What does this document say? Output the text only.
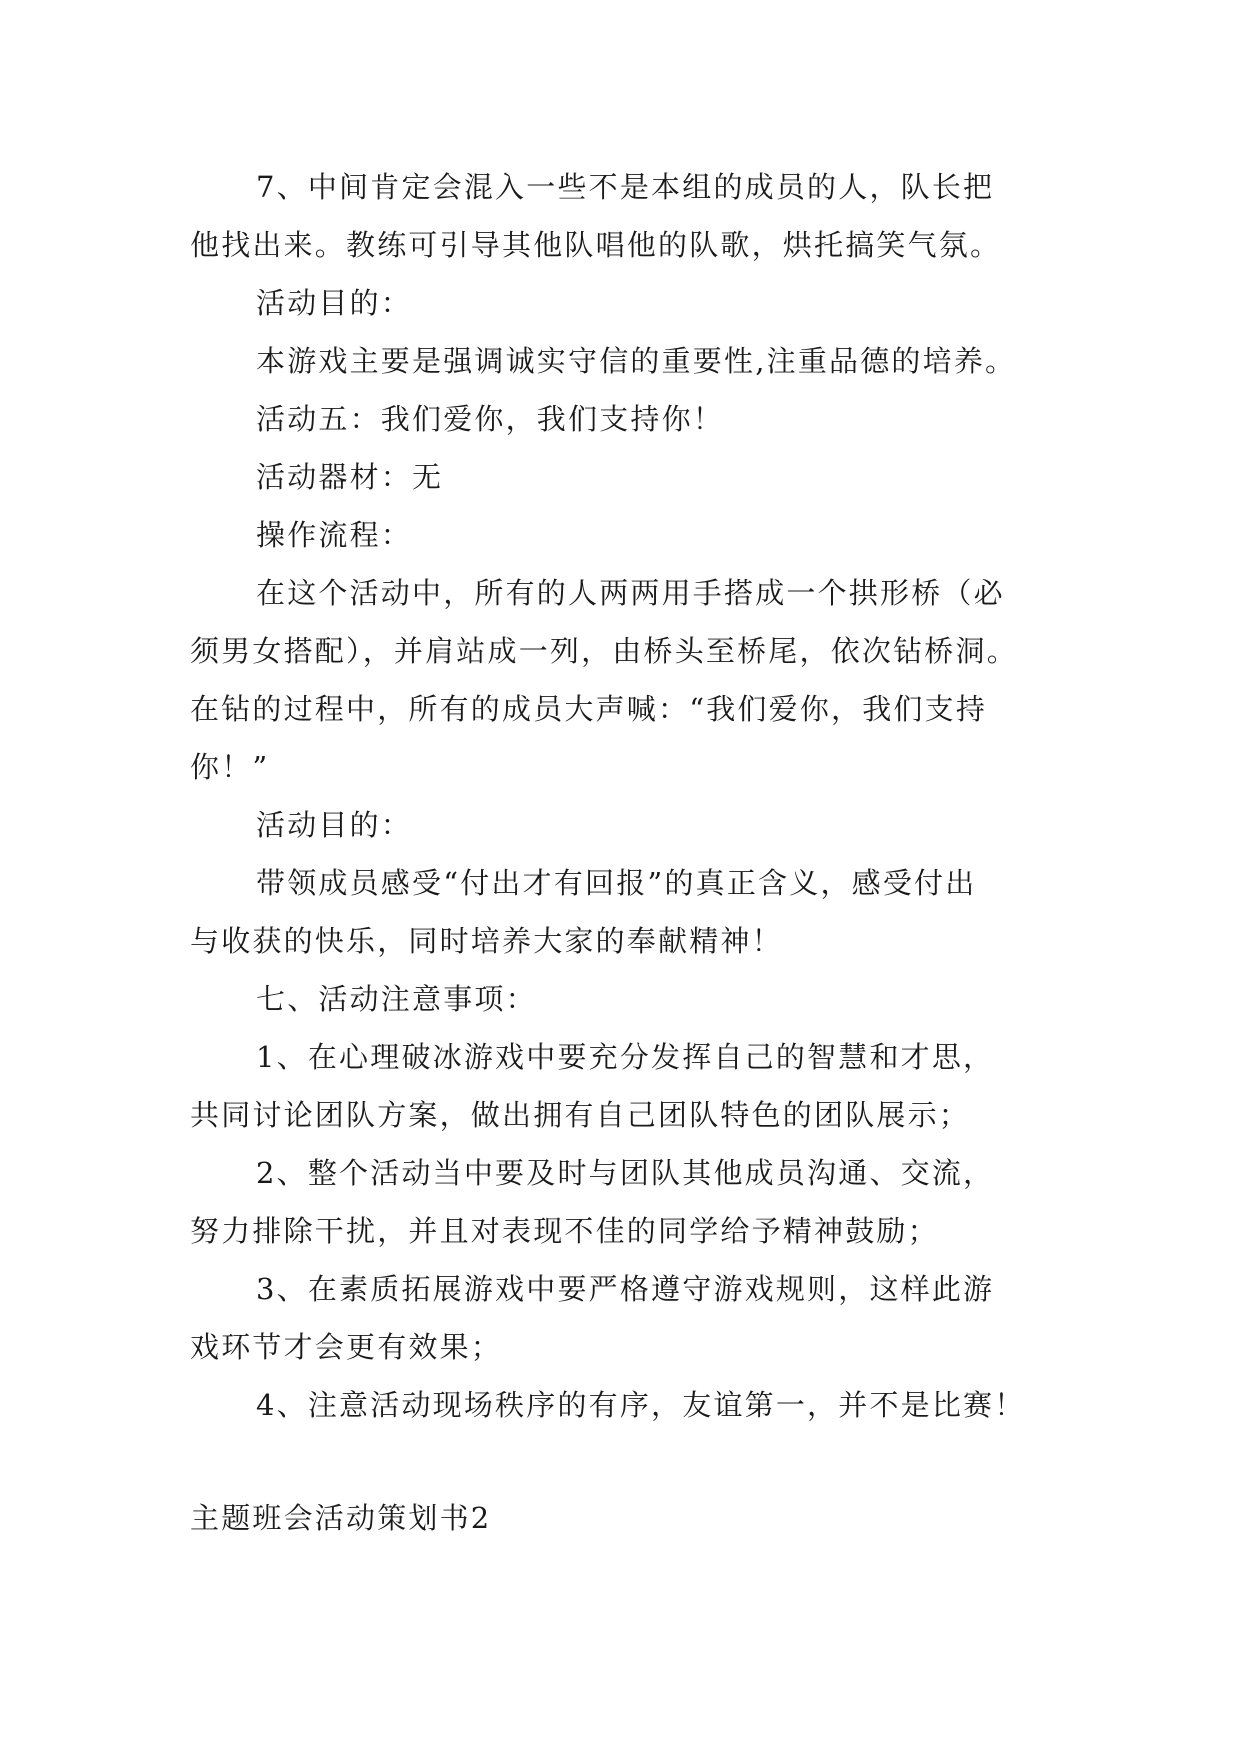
7、中间肯定会混入一些不是本组的成员的人，队长把
他找出来。教练可引导其他队唱他的队歌，烘托搞笑气氛。
活动目的：
本游戏主要是强调诚实守信的重要性,注重品德的培养。
活动五：我们爱你，我们支持你！
活动器材：无
操作流程：
在这个活动中，所有的人两两用手搭成一个拱形桥（必
须男女搭配），并肩站成一列，由桥头至桥尾，依次钻桥洞。
在钻的过程中，所有的成员大声喊：“我们爱你，我们支持
你！”
活动目的：
带领成员感受“付出才有回报”的真正含义，感受付出
与收获的快乐，同时培养大家的奉献精神！
七、活动注意事项：
1、在心理破冰游戏中要充分发挥自己的智慧和才思，
共同讨论团队方案，做出拥有自己团队特色的团队展示；
2、整个活动当中要及时与团队其他成员沟通、交流，
努力排除干扰，并且对表现不佳的同学给予精神鼓励；
3、在素质拓展游戏中要严格遵守游戏规则，这样此游
戏环节才会更有效果；
4、注意活动现场秩序的有序，友谊第一，并不是比赛！
主题班会活动策划书2
